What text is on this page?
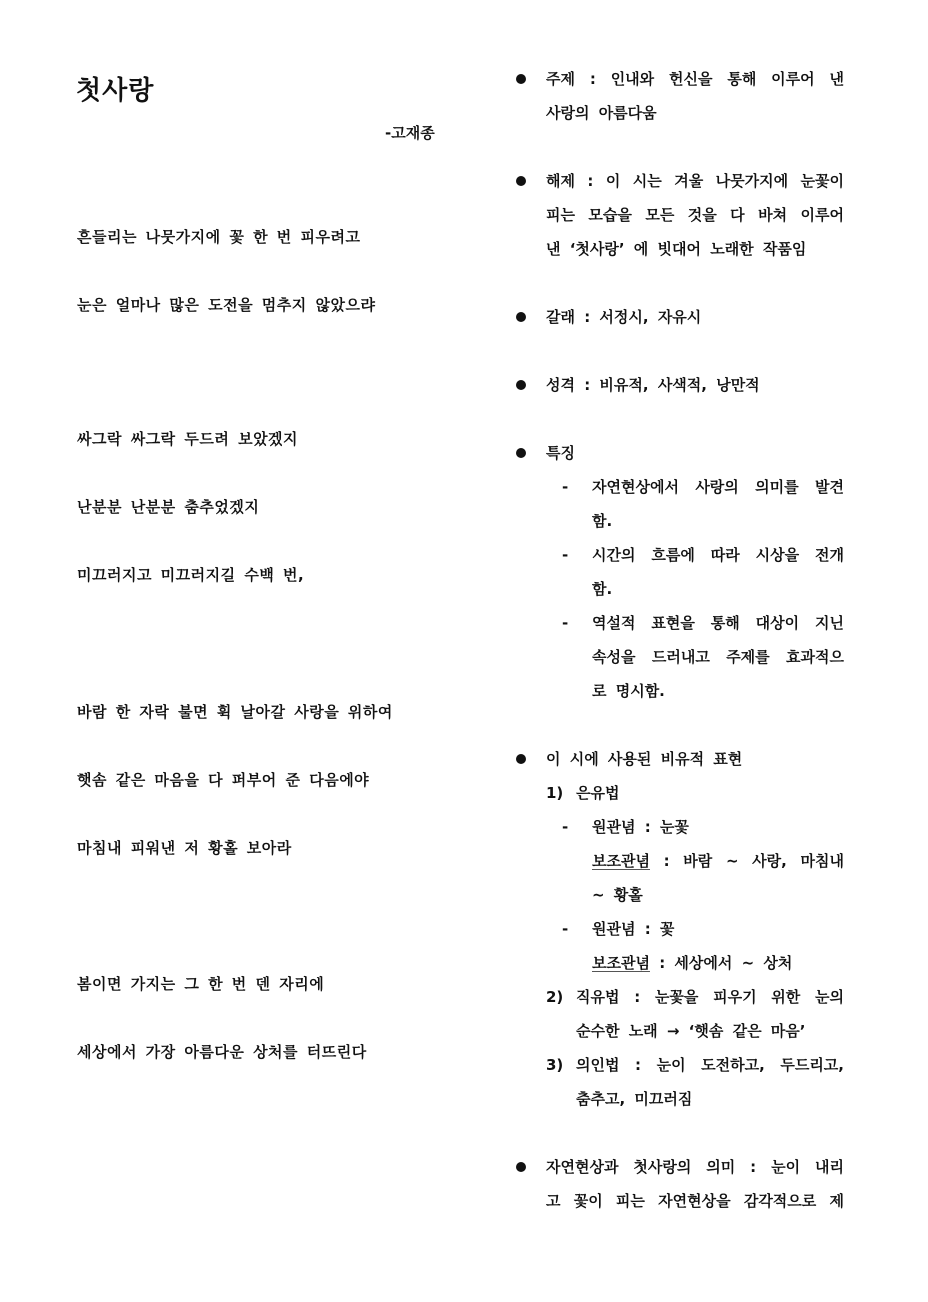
첫사랑
-고재종
흔들리는 나뭇가지에 꽃 한 번 피우려고
눈은 얼마나 많은 도전을 멈추지 않았으랴
싸그락 싸그락 두드려 보았겠지
난분분 난분분 춤추었겠지
미끄러지고 미끄러지길 수백 번,
바람 한 자락 불면 휙 날아갈 사랑을 위하여
햇솜 같은 마음을 다 퍼부어 준 다음에야
마침내 피워낸 저 황홀 보아라
봄이면 가지는 그 한 번 덴 자리에
세상에서 가장 아름다운 상처를 터뜨린다
주제 : 인내와 헌신을 통해 이루어 낸
사랑의 아름다움
해제 : 이 시는 겨울 나뭇가지에 눈꽃이
피는 모습을 모든 것을 다 바쳐 이루어
낸 ‘첫사랑’ 에 빗대어 노래한 작품임
갈래 : 서정시, 자유시
성격 : 비유적, 사색적, 낭만적
특징
- 자연현상에서 사랑의 의미를 발견
함.
- 시간의 흐름에 따라 시상을 전개
함.
- 역설적 표현을 통해 대상이 지닌
속성을 드러내고 주제를 효과적으
로 명시함.
이 시에 사용된 비유적 표현
1) 은유법
- 원관념 : 눈꽃
보조관념 : 바람 ~ 사랑, 마침내
~ 황홀
- 원관념 : 꽃
보조관념 : 세상에서 ~ 상처
2) 직유법 : 눈꽃을 피우기 위한 눈의
순수한 노래 → ‘햇솜 같은 마음’
3) 의인법 : 눈이 도전하고, 두드리고,
춤추고, 미끄러짐
자연현상과 첫사랑의 의미 : 눈이 내리
고 꽃이 피는 자연현상을 감각적으로 제
